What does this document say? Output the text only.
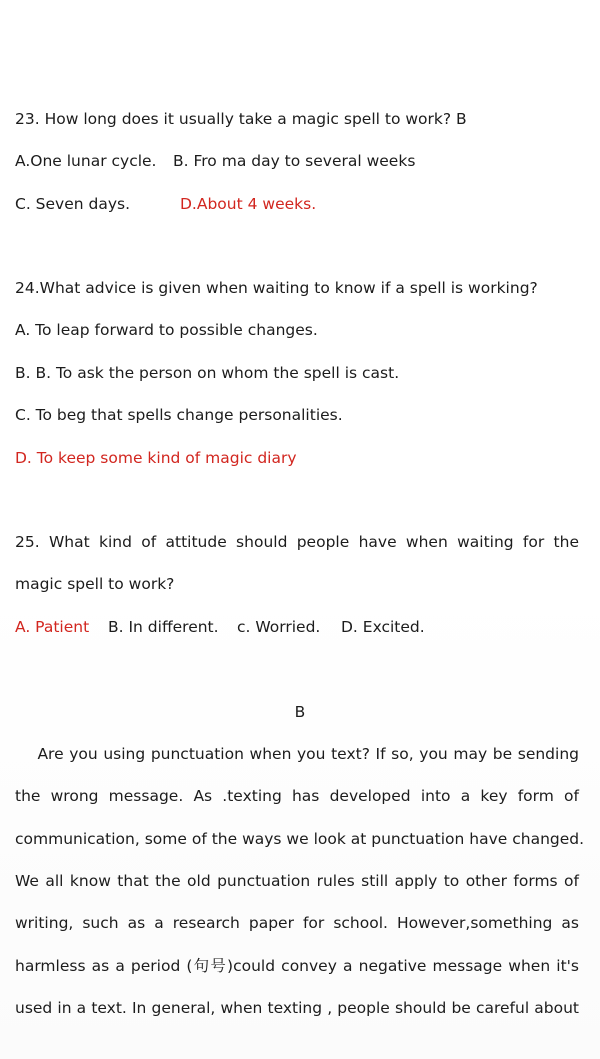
23. How long does it usually take a magic spell to work? B
A.One lunar cycle. B. Fro ma day to several weeks
C. Seven days.	D.About 4 weeks.
24.What advice is given when waiting to know if a spell is working?
A. To leap forward to possible changes.
B. B. To ask the person on whom the spell is cast.
C. To beg that spells change personalities.
D. To keep some kind of magic diary
25. What kind of attitude should people have when waiting for the
magic spell to work?
A. Patient B. In different. c. Worried. D. Excited.
B
Are you using punctuation when you text? If so, you may be sending
the wrong message. As .texting has developed into a key form of
communication, some of the ways we look at punctuation have changed.
We all know that the old punctuation rules still apply to other forms of
writing, such as a research paper for school. However,something as
harmless as a period (句号)could convey a negative message when it's
used in a text. In general, when texting , people should be careful about
